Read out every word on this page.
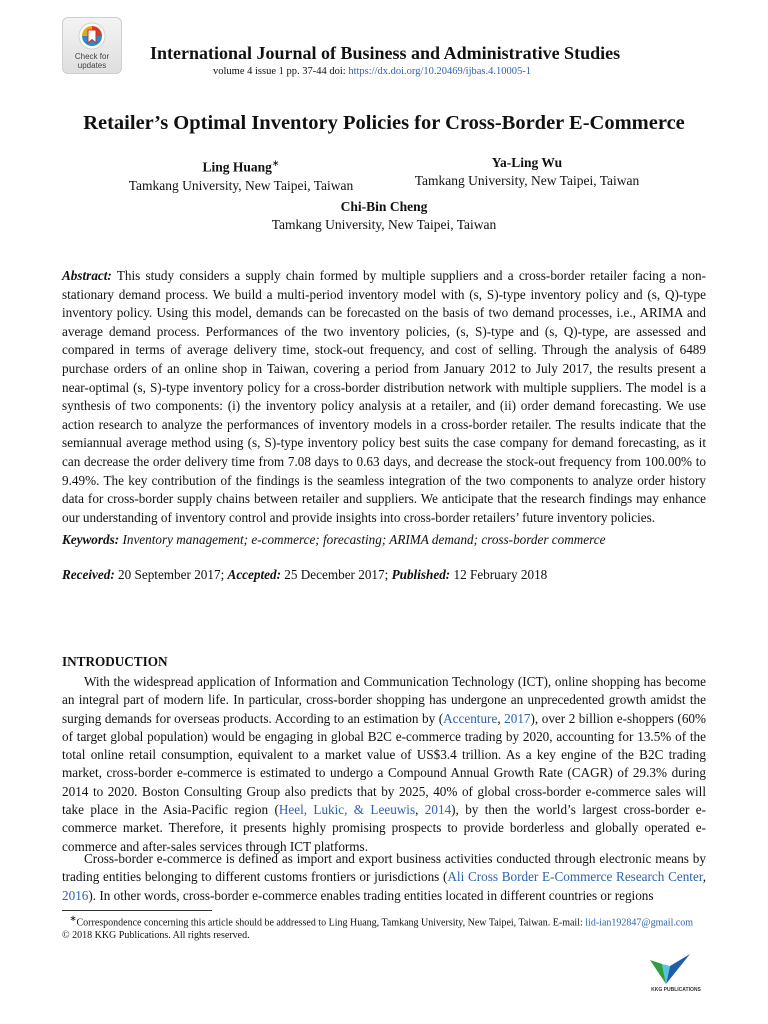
Check for
updates
International Journal of Business and Administrative Studies
volume 4 issue 1 pp. 37-44 doi: https://dx.doi.org/10.20469/ijbas.4.10005-1
Retailer’s Optimal Inventory Policies for Cross-Border E-Commerce
Ling Huang∗
Tamkang University, New Taipei, Taiwan
Ya-Ling Wu
Tamkang University, New Taipei, Taiwan
Chi-Bin Cheng
Tamkang University, New Taipei, Taiwan

Abstract: This study considers a supply chain formed by multiple suppliers and a cross-border retailer facing a non-stationary demand process. We build a multi-period inventory model with (s, S)-type inventory policy and (s, Q)-type inventory policy. Using this model, demands can be forecasted on the basis of two demand processes, i.e., ARIMA and average demand process. Performances of the two inventory policies, (s, S)-type and (s, Q)-type, are assessed and compared in terms of average delivery time, stock-out frequency, and cost of selling. Through the analysis of 6489 purchase orders of an online shop in Taiwan, covering a period from January 2012 to July 2017, the results present a near-optimal (s, S)-type inventory policy for a cross-border distribution network with multiple suppliers. The model is a synthesis of two components: (i) the inventory policy analysis at a retailer, and (ii) order demand forecasting. We use action research to analyze the performances of inventory models in a cross-border retailer. The results indicate that the semiannual average method using (s, S)-type inventory policy best suits the case company for demand forecasting, as it can decrease the order delivery time from 7.08 days to 0.63 days, and decrease the stock-out frequency from 100.00% to 9.49%. The key contribution of the findings is the seamless integration of the two components to analyze order history data for cross-border supply chains between retailer and suppliers. We anticipate that the research findings may enhance our understanding of inventory control and provide insights into cross-border retailers’ future inventory policies.

Keywords: Inventory management; e-commerce; forecasting; ARIMA demand; cross-border commerce
Received: 20 September 2017; Accepted: 25 December 2017; Published: 12 February 2018
INTRODUCTION

With the widespread application of Information and Communication Technology (ICT), online shopping has become an integral part of modern life. In particular, cross-border shopping has undergone an unprecedented growth amidst the surging demands for overseas products. According to an estimation by (Accenture, 2017), over 2 billion e-shoppers (60% of target global population) would be engaging in global B2C e-commerce trading by 2020, accounting for 13.5% of the total online retail consumption, equivalent to a market value of US$3.4 trillion. As a key engine of the B2C trading market, cross-border e-commerce is estimated to undergo a Compound Annual Growth Rate (CAGR) of 29.3% during 2014 to 2020. Boston Consulting Group also predicts that by 2025, 40% of global cross-border e-commerce sales will take place in the Asia-Pacific region (Heel, Lukic, & Leeuwis, 2014), by then the world’s largest cross-border e-commerce market. Therefore, it presents highly promising prospects to provide borderless and globally operated e-commerce and after-sales services through ICT platforms.

Cross-border e-commerce is defined as import and export business activities conducted through electronic means by trading entities belonging to different customs frontiers or jurisdictions (Ali Cross Border E-Commerce Research Center, 2016). In other words, cross-border e-commerce enables trading entities located in different countries or regions

∗Correspondence concerning this article should be addressed to Ling Huang, Tamkang University, New Taipei, Taiwan. E-mail: lid-ian192847@gmail.com
© 2018 KKG Publications. All rights reserved.

KKG PUBLICATIONS
